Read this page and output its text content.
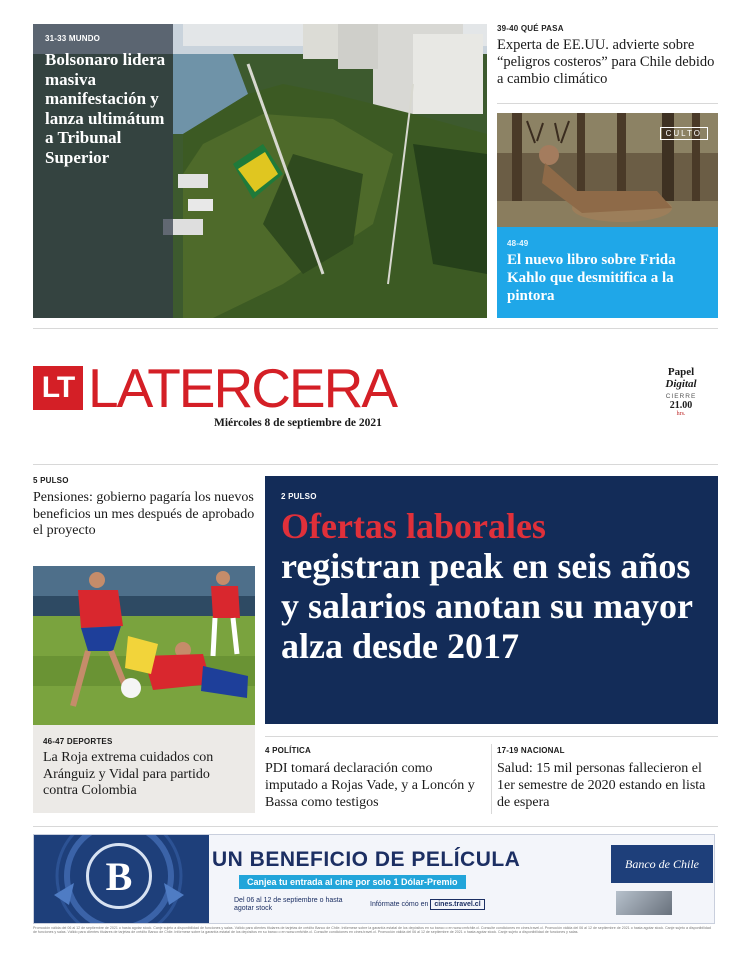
31-33 MUNDO
Bolsonaro lidera masiva manifestación y lanza ultimátum a Tribunal Superior
39-40 QUÉ PASA
Experta de EE.UU. advierte sobre “peligros costeros” para Chile debido a cambio climático
CULTO
48-49
El nuevo libro sobre Frida Kahlo que desmitifica a la pintora
LT LATERCERA
Miércoles 8 de septiembre de 2021
Papel
Digital
CIERRE
21.00
hrs.
5 PULSO
Pensiones: gobierno pagaría los nuevos beneficios un mes después de aprobado el proyecto
46-47 DEPORTES
La Roja extrema cuidados con Aránguiz y Vidal para partido contra Colombia
2 PULSO
Ofertas laborales
registran peak en seis años y salarios anotan su mayor alza desde 2017
4 POLÍTICA
PDI tomará declaración como imputado a Rojas Vade, y a Loncón y Bassa como testigos
17-19 NACIONAL
Salud: 15 mil personas fallecieron el 1er semestre de 2020 estando en lista de espera
B	UN BENEFICIO DE PELÍCULA
Canjea tu entrada al cine por solo 1 Dólar-Premio
Del 06 al 12 de septiembre o hasta agotar stock
Infórmate cómo en cines.travel.cl
Banco de Chile
Promoción válida del 06 al 12 de septiembre de 2021 o hasta agotar stock. Canje sujeto a disponibilidad de funciones y salas. Válido para clientes titulares de tarjetas de crédito Banco de Chile. Infórmese sobre la garantía estatal de los depósitos en su banco o en www.cmfchile.cl. Consulte condiciones en cines.travel.cl. Promoción válida del 06 al 12 de septiembre de 2021 o hasta agotar stock. Canje sujeto a disponibilidad de funciones y salas. Válido para clientes titulares de tarjetas de crédito Banco de Chile. Infórmese sobre la garantía estatal de los depósitos en su banco o en www.cmfchile.cl. Consulte condiciones en cines.travel.cl. Promoción válida del 06 al 12 de septiembre de 2021 o hasta agotar stock. Canje sujeto a disponibilidad de funciones y salas.
